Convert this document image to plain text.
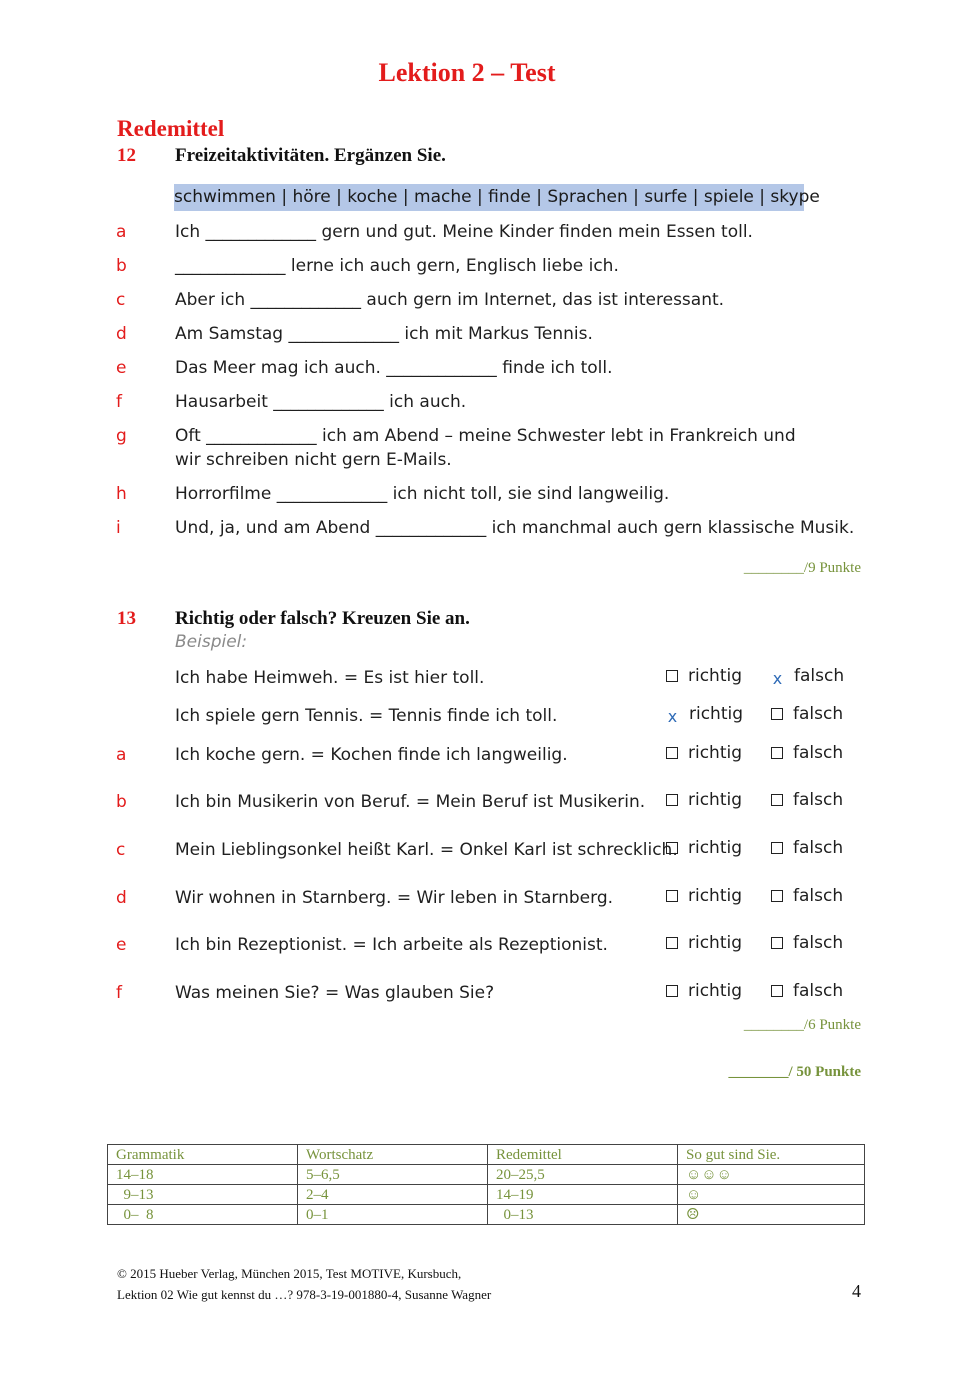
Lektion 2 – Test
Redemittel
12 Freizeitaktivitäten. Ergänzen Sie.
schwimmen | höre | koche | mache | finde | Sprachen | surfe | spiele | skype
a	Ich _____________ gern und gut. Meine Kinder finden mein Essen toll.
b	_____________ lerne ich auch gern, Englisch liebe ich.
c	Aber ich _____________ auch gern im Internet, das ist interessant.
d	Am Samstag _____________ ich mit Markus Tennis.
e	Das Meer mag ich auch. _____________ finde ich toll.
f	Hausarbeit _____________ ich auch.
g	Oft _____________ ich am Abend – meine Schwester lebt in Frankreich und
wir schreiben nicht gern E-Mails.
h	Horrorfilme _____________ ich nicht toll, sie sind langweilig.
i	Und, ja, und am Abend _____________ ich manchmal auch gern klassische Musik.
________/9 Punkte
13 Richtig oder falsch? Kreuzen Sie an.
Beispiel:
Ich habe Heimweh. = Es ist hier toll.	richtig x falsch
Ich spiele gern Tennis. = Tennis finde ich toll.	x richtig	falsch
a	Ich koche gern. = Kochen finde ich langweilig.	richtig	falsch
b	Ich bin Musikerin von Beruf. = Mein Beruf ist Musikerin.	richtig	falsch
c	Mein Lieblingsonkel heißt Karl. = Onkel Karl ist schrecklich. richtig	falsch
d	Wir wohnen in Starnberg. = Wir leben in Starnberg.	richtig	falsch
e	Ich bin Rezeptionist. = Ich arbeite als Rezeptionist.	richtig	falsch
f	Was meinen Sie? = Was glauben Sie?	richtig	falsch
________/6 Punkte
________/ 50 Punkte
Grammatik	Wortschatz	Redemittel	So gut sind Sie.
14–18	5–6,5	20–25,5	☺☺☺
9–13	2–4	14–19	☺
0–  8	0–1	0–13	☹
© 2015 Hueber Verlag, München 2015, Test MOTIVE, Kursbuch,
Lektion 02 Wie gut kennst du …? 978-3-19-001880-4, Susanne Wagner	4
